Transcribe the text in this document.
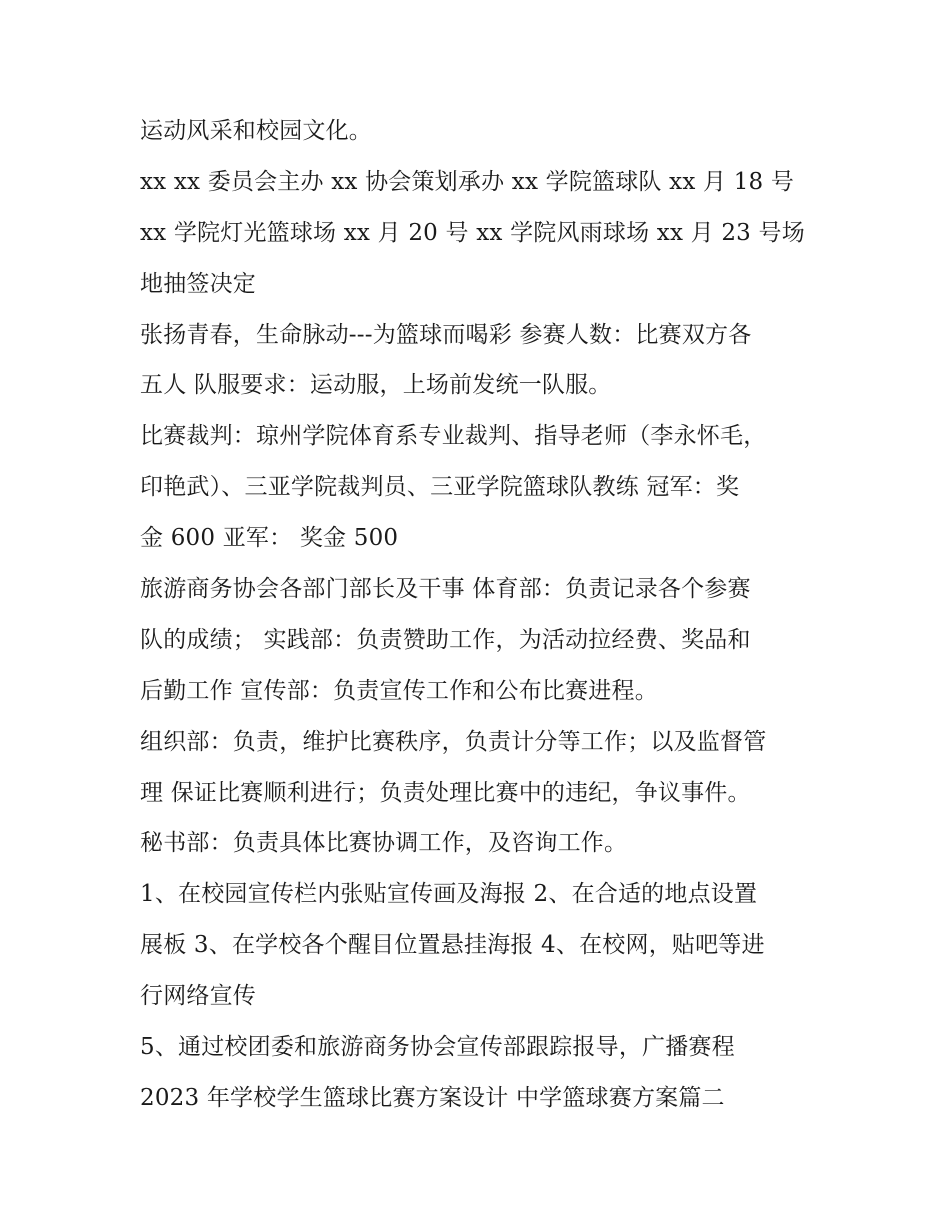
运动风采和校园文化。
xx xx 委员会主办 xx 协会策划承办 xx 学院篮球队 xx 月 18 号
xx 学院灯光篮球场 xx 月 20 号 xx 学院风雨球场 xx 月 23 号场
地抽签决定
张扬青春，生命脉动---为篮球而喝彩 参赛人数：比赛双方各
五人 队服要求：运动服，上场前发统一队服。
比赛裁判：琼州学院体育系专业裁判、指导老师（李永怀毛，
印艳武）、三亚学院裁判员、三亚学院篮球队教练 冠军：奖
金 600 亚军： 奖金 500
旅游商务协会各部门部长及干事 体育部：负责记录各个参赛
队的成绩； 实践部：负责赞助工作，为活动拉经费、奖品和
后勤工作 宣传部：负责宣传工作和公布比赛进程。
组织部：负责，维护比赛秩序，负责计分等工作；以及监督管
理 保证比赛顺利进行；负责处理比赛中的违纪，争议事件。
秘书部：负责具体比赛协调工作，及咨询工作。
1、在校园宣传栏内张贴宣传画及海报 2、在合适的地点设置
展板 3、在学校各个醒目位置悬挂海报 4、在校网，贴吧等进
行网络宣传
5、通过校团委和旅游商务协会宣传部跟踪报导，广播赛程
2023 年学校学生篮球比赛方案设计 中学篮球赛方案篇二
